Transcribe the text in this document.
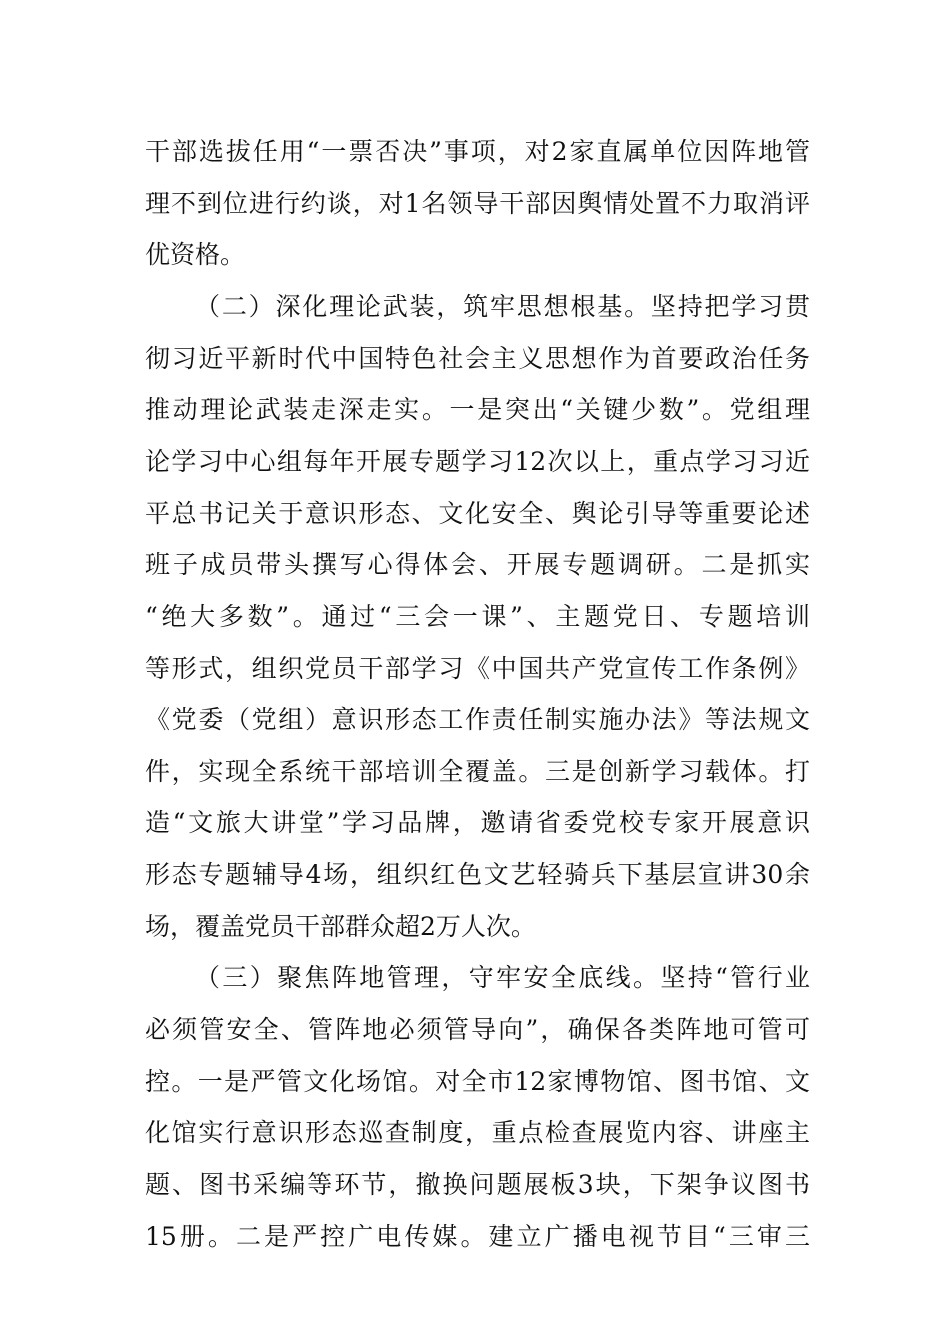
干部选拔任用“一票否决”事项，对2家直属单位因阵地管
理不到位进行约谈，对1名领导干部因舆情处置不力取消评
优资格。
（二）深化理论武装，筑牢思想根基。坚持把学习贯
彻习近平新时代中国特色社会主义思想作为首要政治任务
推动理论武装走深走实。一是突出“关键少数”。党组理
论学习中心组每年开展专题学习12次以上，重点学习习近
平总书记关于意识形态、文化安全、舆论引导等重要论述
班子成员带头撰写心得体会、开展专题调研。二是抓实
“绝大多数”。通过“三会一课”、主题党日、专题培训
等形式，组织党员干部学习《中国共产党宣传工作条例》
《党委（党组）意识形态工作责任制实施办法》等法规文
件，实现全系统干部培训全覆盖。三是创新学习载体。打
造“文旅大讲堂”学习品牌，邀请省委党校专家开展意识
形态专题辅导4场，组织红色文艺轻骑兵下基层宣讲30余
场，覆盖党员干部群众超2万人次。
（三）聚焦阵地管理，守牢安全底线。坚持“管行业
必须管安全、管阵地必须管导向”，确保各类阵地可管可
控。一是严管文化场馆。对全市12家博物馆、图书馆、文
化馆实行意识形态巡查制度，重点检查展览内容、讲座主
题、图书采编等环节，撤换问题展板3块，下架争议图书
15册。二是严控广电传媒。建立广播电视节目“三审三
